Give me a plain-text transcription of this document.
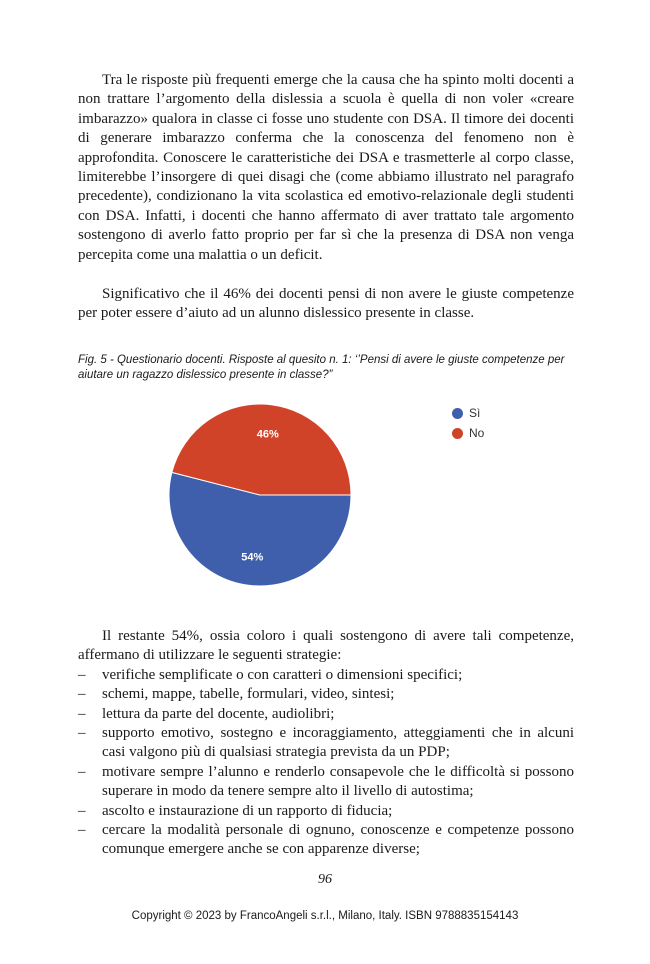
Tra le risposte più frequenti emerge che la causa che ha spinto molti docenti a non trattare l’argomento della dislessia a scuola è quella di non voler «creare imbarazzo» qualora in classe ci fosse uno studente con DSA. Il timore dei docenti di generare imbarazzo conferma che la conoscenza del fenomeno non è approfondita. Conoscere le caratteristiche dei DSA e trasmetterle al corpo classe, limiterebbe l’insorgere di quei disagi che (come abbiamo illustrato nel paragrafo precedente), condizionano la vita scolastica ed emotivo-relazionale degli studenti con DSA. Infatti, i docenti che hanno affermato di aver trattato tale argomento sostengono di averlo fatto proprio per far sì che la presenza di DSA non venga percepita come una malattia o un deficit.

Significativo che il 46% dei docenti pensi di non avere le giuste competenze per poter essere d’aiuto ad un alunno dislessico presente in classe.

Fig. 5 - Questionario docenti. Risposte al quesito n. 1: ‘’Pensi di avere le giuste competenze per aiutare un ragazzo dislessico presente in classe?”
54%
46%
Sì
No

Il restante 54%, ossia coloro i quali sostengono di avere tali competenze, affermano di utilizzare le seguenti strategie:

– verifiche semplificate o con caratteri o dimensioni specifici;
– schemi, mappe, tabelle, formulari, video, sintesi;
– lettura da parte del docente, audiolibri;
– supporto emotivo, sostegno e incoraggiamento, atteggiamenti che in alcuni casi valgono più di qualsiasi strategia prevista da un PDP;
– motivare sempre l’alunno e renderlo consapevole che le difficoltà si possono superare in modo da tenere sempre alto il livello di autostima;
– ascolto e instaurazione di un rapporto di fiducia;
– cercare la modalità personale di ognuno, conoscenze e competenze possono comunque emergere anche se con apparenze diverse;
96
Copyright © 2023 by FrancoAngeli s.r.l., Milano, Italy. ISBN 9788835154143
